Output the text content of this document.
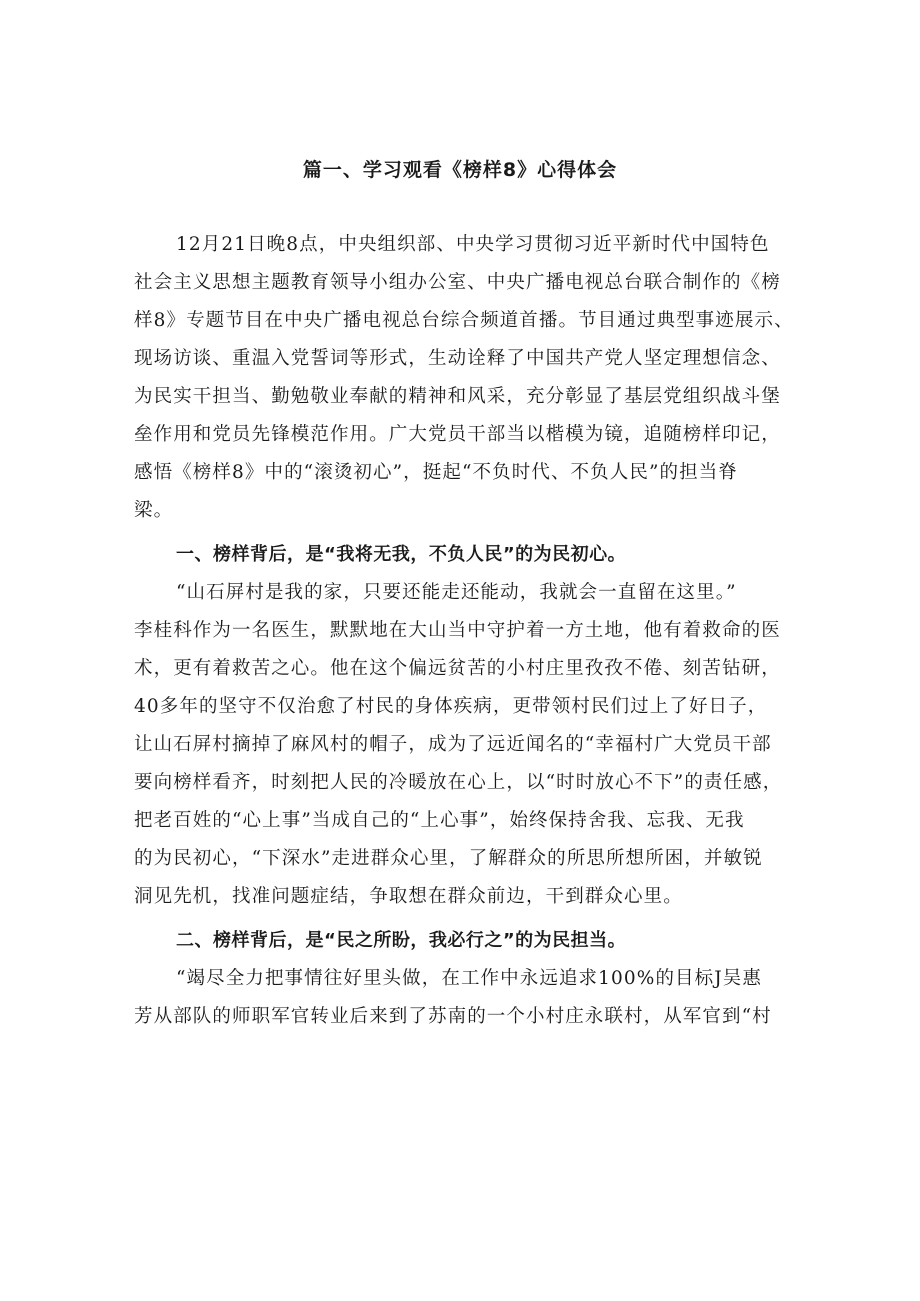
篇一、学习观看《榜样8》心得体会
12月21日晚8点，中央组织部、中央学习贯彻习近平新时代中国特色
社会主义思想主题教育领导小组办公室、中央广播电视总台联合制作的《榜
样8》专题节目在中央广播电视总台综合频道首播。节目通过典型事迹展示、
现场访谈、重温入党誓词等形式，生动诠释了中国共产党人坚定理想信念、
为民实干担当、勤勉敬业奉献的精神和风采，充分彰显了基层党组织战斗堡
垒作用和党员先锋模范作用。广大党员干部当以楷模为镜，追随榜样印记，
感悟《榜样8》中的“滚烫初心”，挺起“不负时代、不负人民”的担当脊
梁。
一、榜样背后，是“我将无我，不负人民”的为民初心。
“山石屏村是我的家，只要还能走还能动，我就会一直留在这里。”
李桂科作为一名医生，默默地在大山当中守护着一方土地，他有着救命的医
术，更有着救苦之心。他在这个偏远贫苦的小村庄里孜孜不倦、刻苦钻研，
40多年的坚守不仅治愈了村民的身体疾病，更带领村民们过上了好日子，
让山石屏村摘掉了麻风村的帽子，成为了远近闻名的“幸福村广大党员干部
要向榜样看齐，时刻把人民的冷暖放在心上，以“时时放心不下”的责任感，
把老百姓的“心上事”当成自己的“上心事”，始终保持舍我、忘我、无我
的为民初心，“下深水”走进群众心里，了解群众的所思所想所困，并敏锐
洞见先机，找准问题症结，争取想在群众前边，干到群众心里。
二、榜样背后，是“民之所盼，我必行之”的为民担当。
“竭尽全力把事情往好里头做，在工作中永远追求100%的目标J吴惠
芳从部队的师职军官转业后来到了苏南的一个小村庄永联村，从军官到“村
